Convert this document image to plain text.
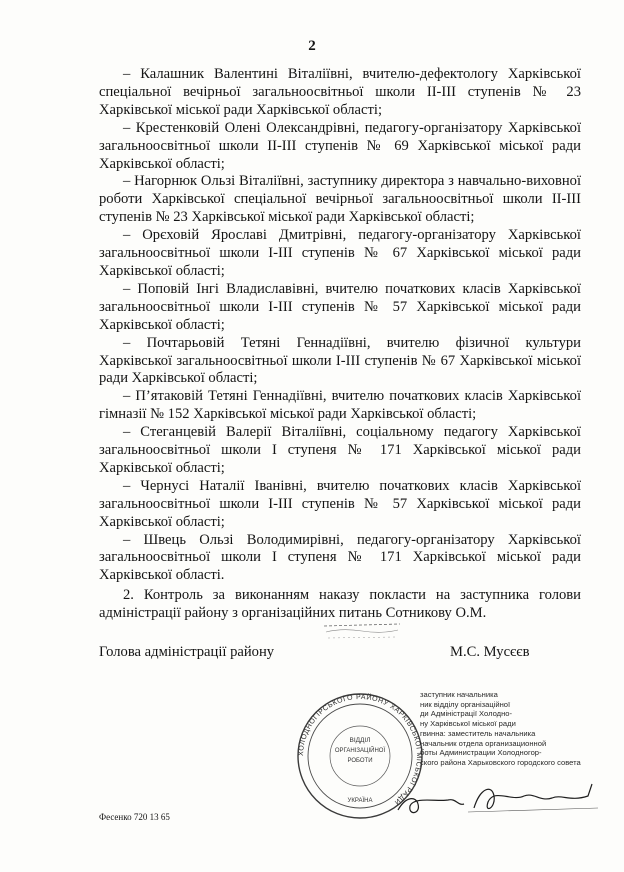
2

– Калашник Валентині Віталіївні, вчителю-дефектологу Харківської спеціальної вечірньої загальноосвітньої школи ІІ-ІІІ ступенів № 23 Харківської міської ради Харківської області;

– Крестенковій Олені Олександрівні, педагогу-організатору Харківської загальноосвітньої школи ІІ-ІІІ ступенів № 69 Харківської міської ради Харківської області;

– Нагорнюк Ользі Віталіївні, заступнику директора з навчально-виховної роботи Харківської спеціальної вечірньої загальноосвітньої школи ІІ-ІІІ ступенів № 23 Харківської міської ради Харківської області;

– Орєховій Ярославі Дмитрівні, педагогу-організатору Харківської загальноосвітньої школи І-ІІІ ступенів № 67 Харківської міської ради Харківської області;

– Поповій Інгі Владиславівні, вчителю початкових класів Харківської загальноосвітньої школи І-ІІІ ступенів № 57 Харківської міської ради Харківської області;

– Почтарьовій Тетяні Геннадіївні, вчителю фізичної культури Харківської загальноосвітньої школи І-ІІІ ступенів № 67 Харківської міської ради Харківської області;

– П’ятаковій Тетяні Геннадіївні, вчителю початкових класів Харківської гімназії № 152 Харківської міської ради Харківської області;

– Стеганцевій Валерії Віталіївні, соціальному педагогу Харківської загальноосвітньої школи І ступеня № 171 Харківської міської ради Харківської області;

– Чернусі Наталії Іванівні, вчителю початкових класів Харківської загальноосвітньої школи І-ІІІ ступенів № 57 Харківської міської ради Харківської області;

– Швець Ользі Володимирівні, педагогу-організатору Харківської загальноосвітньої школи І ступеня № 171 Харківської міської ради Харківської області.

2. Контроль за виконанням наказу покласти на заступника голови адміністрації району з організаційних питань Сотникову О.М.

Голова адміністрації району	М.С. Мусєєв
ХОЛОДНОГІРСЬКОГО РАЙОНУ ХАРКІВСЬКОЇ МІСЬКОЇ РАДИ
ВІДДІЛ
ОРГАНІЗАЦІЙНОЇ
РОБОТИ
УКРАЇНА
заступник начальника
ник відділу організаційної
ди Адміністрації Холодно-
ну Харківської міської ради
гвинна: заместитель начальника
начальник отдела организационной
боты Администрации Холодногор-
ского района Харьковского городского совета
Фесенко 720 13 65
